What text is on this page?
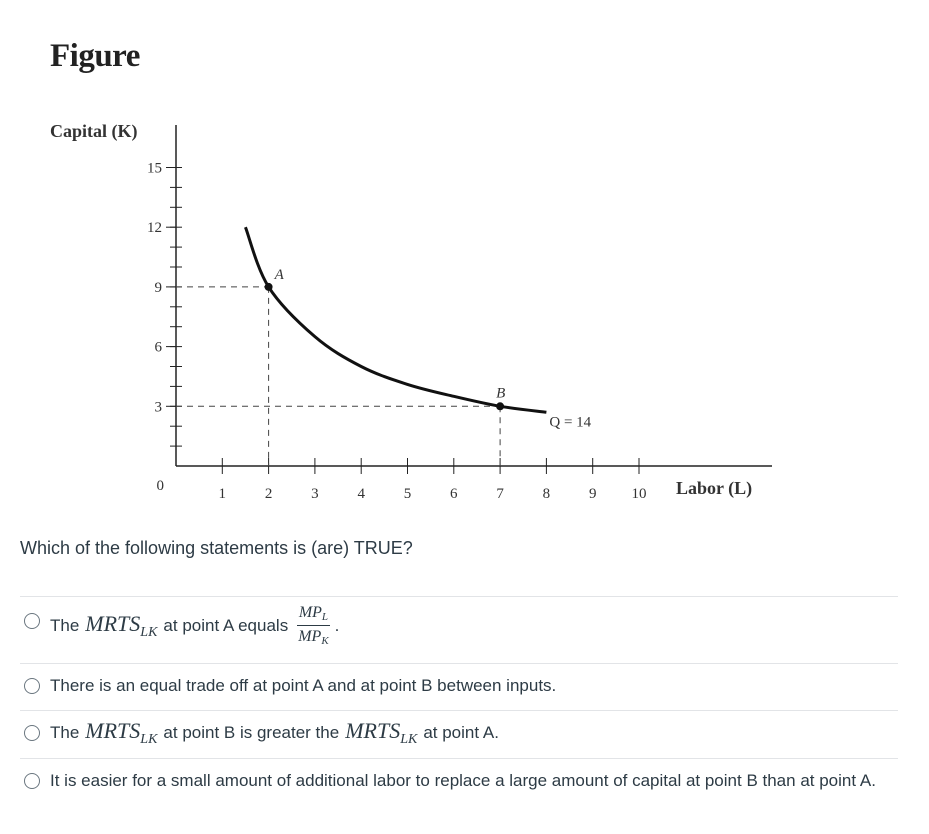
Figure
15
12
9
6
3
0	1	2	3	4	5	6	7	8	9 10
Capital (K)
Labor (L)
Q = 14
A
B
Which of the following statements is (are) TRUE?
The $MRTS_{LK}$ at point A equals $\frac{MP_L}{MP_K}$ .
There is an equal trade off at point A and at point B between inputs.
The $MRTS_{LK}$ at point B is greater the $MRTS_{LK}$ at point A.
It is easier for a small amount of additional labor to replace a large amount of capital at point B than at point A.
